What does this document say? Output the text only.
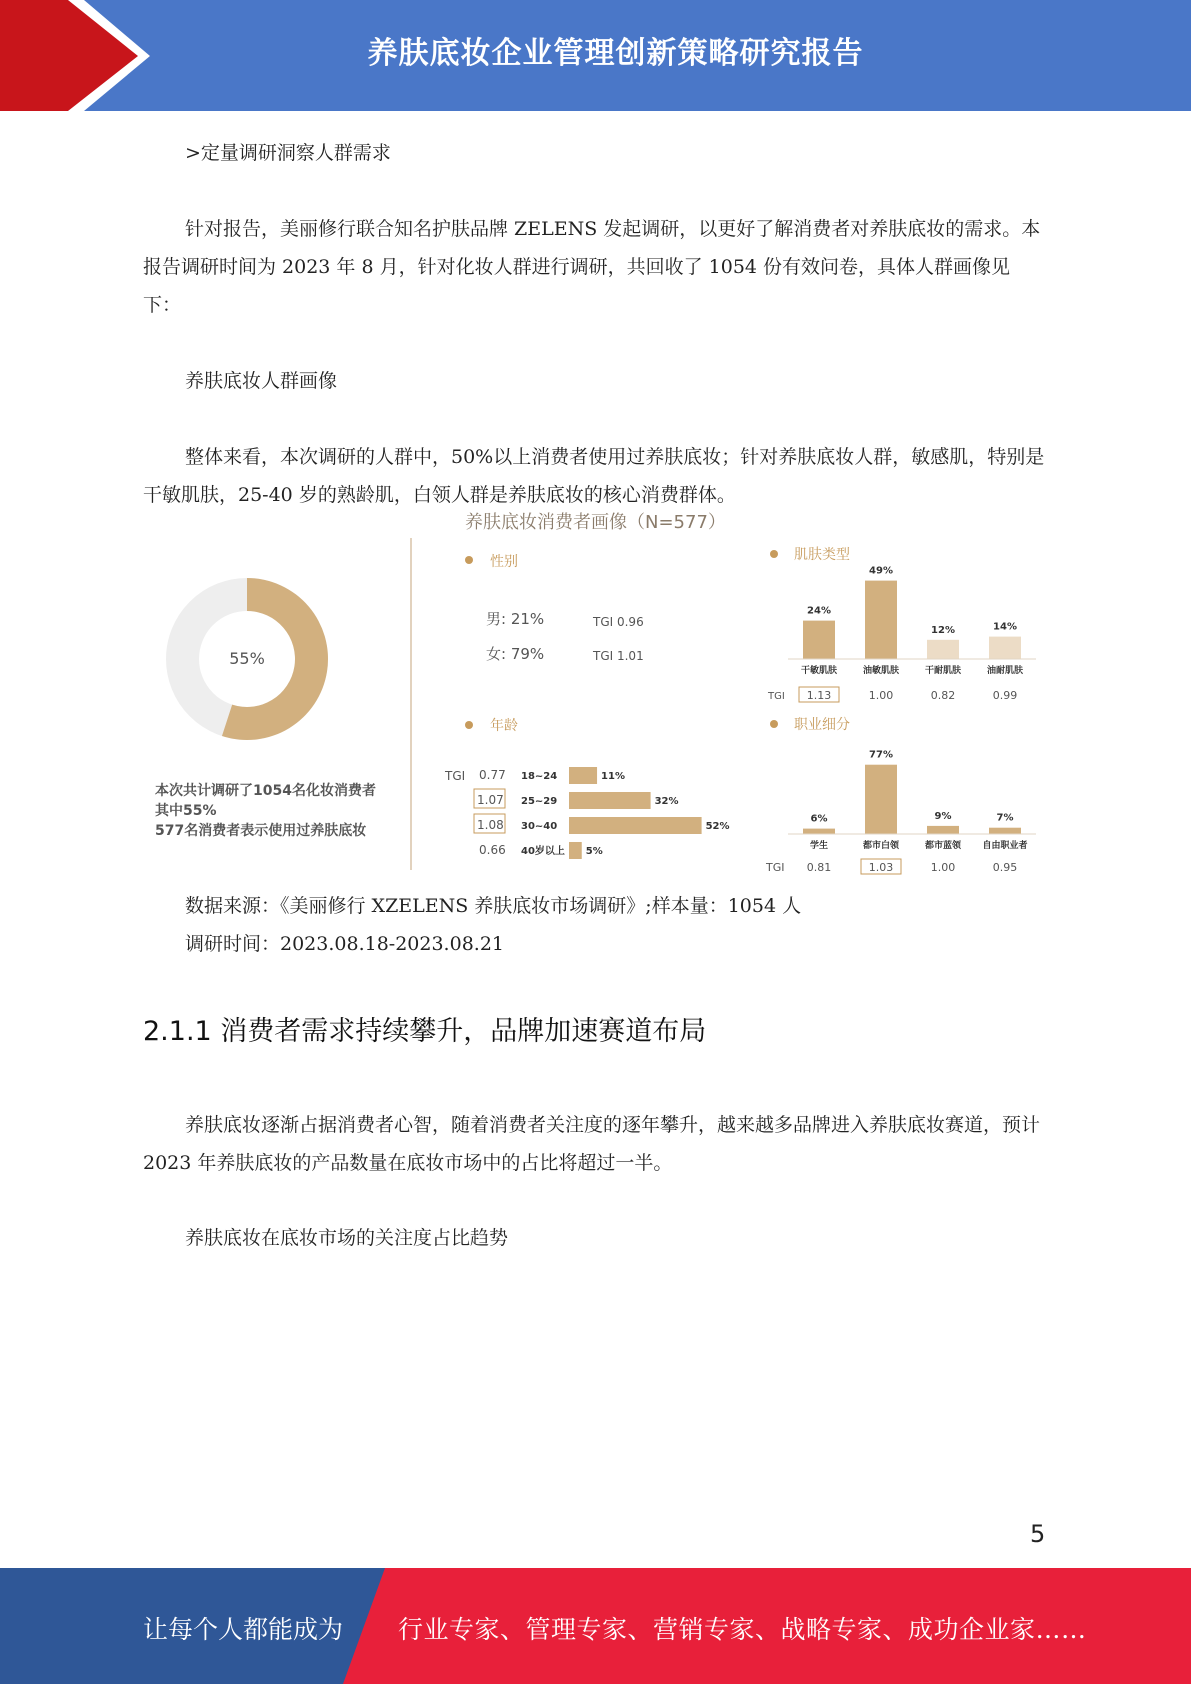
养肤底妆企业管理创新策略研究报告
>定量调研洞察人群需求
针对报告，美丽修行联合知名护肤品牌 ZELENS 发起调研，以更好了解消费者对养肤底妆的需求。本报告调研时间为 2023 年 8 月，针对化妆人群进行调研，共回收了 1054 份有效问卷，具体人群画像见下：
养肤底妆人群画像
整体来看，本次调研的人群中，50%以上消费者使用过养肤底妆；针对养肤底妆人群，敏感肌，特别是干敏肌肤，25-40 岁的熟龄肌，白领人群是养肤底妆的核心消费群体。
养肤底妆消费者画像（N=577）
55%
本次共计调研了1054名化妆消费者
其中55%
577名消费者表示使用过养肤底妆
性别
男: 21%	TGI 0.96
女: 79%	TGI 1.01
年龄
TGI 0.77 18~24	11%
1.07 25~29	32%
1.08 30~40	52%
0.66 40岁以上 5%
肌肤类型
TGI
24%
干敏肌肤
1.13
49%
油敏肌肤
1.00
12%
干耐肌肤
0.82
14%
油耐肌肤
0.99
职业细分
TGI
6%
学生
0.81
77%
都市白领
1.03
9%
都市蓝领
1.00
7%
自由职业者
0.95
数据来源：《美丽修行 XZELENS 养肤底妆市场调研》;样本量：1054 人
调研时间：2023.08.18-2023.08.21
2.1.1 消费者需求持续攀升，品牌加速赛道布局
养肤底妆逐渐占据消费者心智，随着消费者关注度的逐年攀升，越来越多品牌进入养肤底妆赛道，预计 2023 年养肤底妆的产品数量在底妆市场中的占比将超过一半。
养肤底妆在底妆市场的关注度占比趋势
5
让每个人都能成为 行业专家、管理专家、营销专家、战略专家、成功企业家……
